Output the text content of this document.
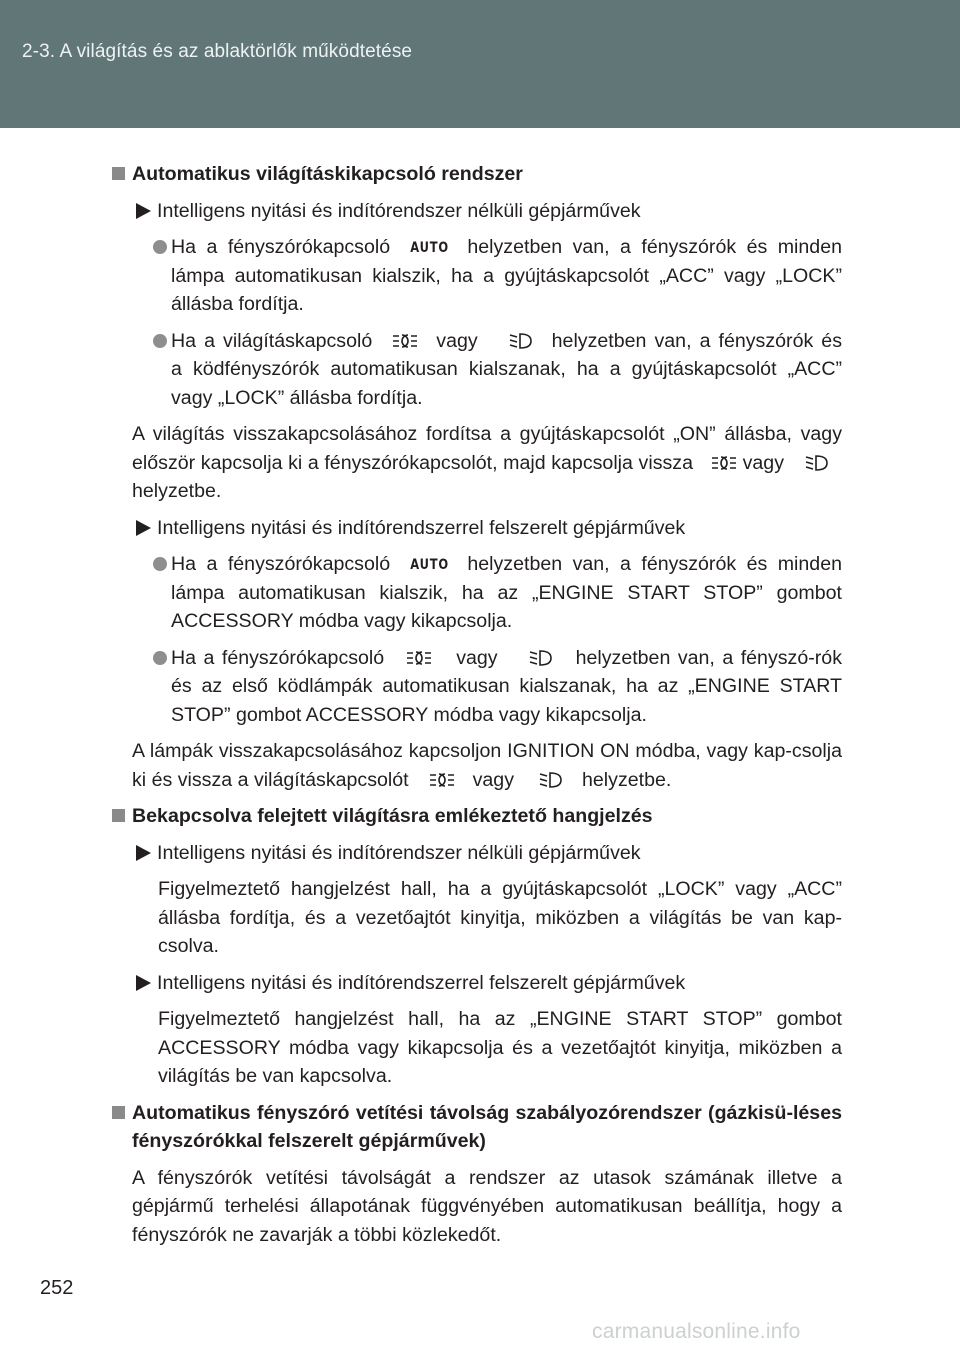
2-3. A világítás és az ablaktörlők működtetése

Automatikus világításkikapcsoló rendszer

Intelligens nyitási és indítórendszer nélküli gépjárművek

Ha a fényszórókapcsoló AUTO helyzetben van, a fényszórók és minden lámpa automatikusan kialszik, ha a gyújtáskapcsolót „ACC” vagy „LOCK” állásba fordítja.

Ha a világításkapcsoló	vagy	helyzetben van, a fényszórók és a ködfényszórók automatikusan kialszanak, ha a gyújtáskapcsolót „ACC” vagy „LOCK” állásba fordítja.

A világítás visszakapcsolásához fordítsa a gyújtáskapcsolót „ON” állásba, vagy először kapcsolja ki a fényszórókapcsolót, majd kapcsolja vissza	vagyhelyzetbe.

Intelligens nyitási és indítórendszerrel felszerelt gépjárművek

Ha a fényszórókapcsoló AUTO helyzetben van, a fényszórók és minden lámpa automatikusan kialszik, ha az „ENGINE START STOP” gombot ACCESSORY módba vagy kikapcsolja.

Ha a fényszórókapcsoló	vagy	helyzetben van, a fényszó-rók és az első ködlámpák automatikusan kialszanak, ha az „ENGINE START STOP” gombot ACCESSORY módba vagy kikapcsolja.

A lámpák visszakapcsolásához kapcsoljon IGNITION ON módba, vagy kap-csolja ki és vissza a világításkapcsolót	vagy	helyzetbe.

Bekapcsolva felejtett világításra emlékeztető hangjelzés

Intelligens nyitási és indítórendszer nélküli gépjárművek

Figyelmeztető hangjelzést hall, ha a gyújtáskapcsolót „LOCK” vagy „ACC” állásba fordítja, és a vezetőajtót kinyitja, miközben a világítás be van kap-csolva.

Intelligens nyitási és indítórendszerrel felszerelt gépjárművek

Figyelmeztető hangjelzést hall, ha az „ENGINE START STOP” gombot ACCESSORY módba vagy kikapcsolja és a vezetőajtót kinyitja, miközben a világítás be van kapcsolva.

Automatikus fényszóró vetítési távolság szabályozórendszer (gázkisü-léses fényszórókkal felszerelt gépjárművek)

A fényszórók vetítési távolságát a rendszer az utasok számának illetve a gépjármű terhelési állapotának függvényében automatikusan beállítja, hogy a fényszórók ne zavarják a többi közlekedőt.

252
carmanualsonline.info
